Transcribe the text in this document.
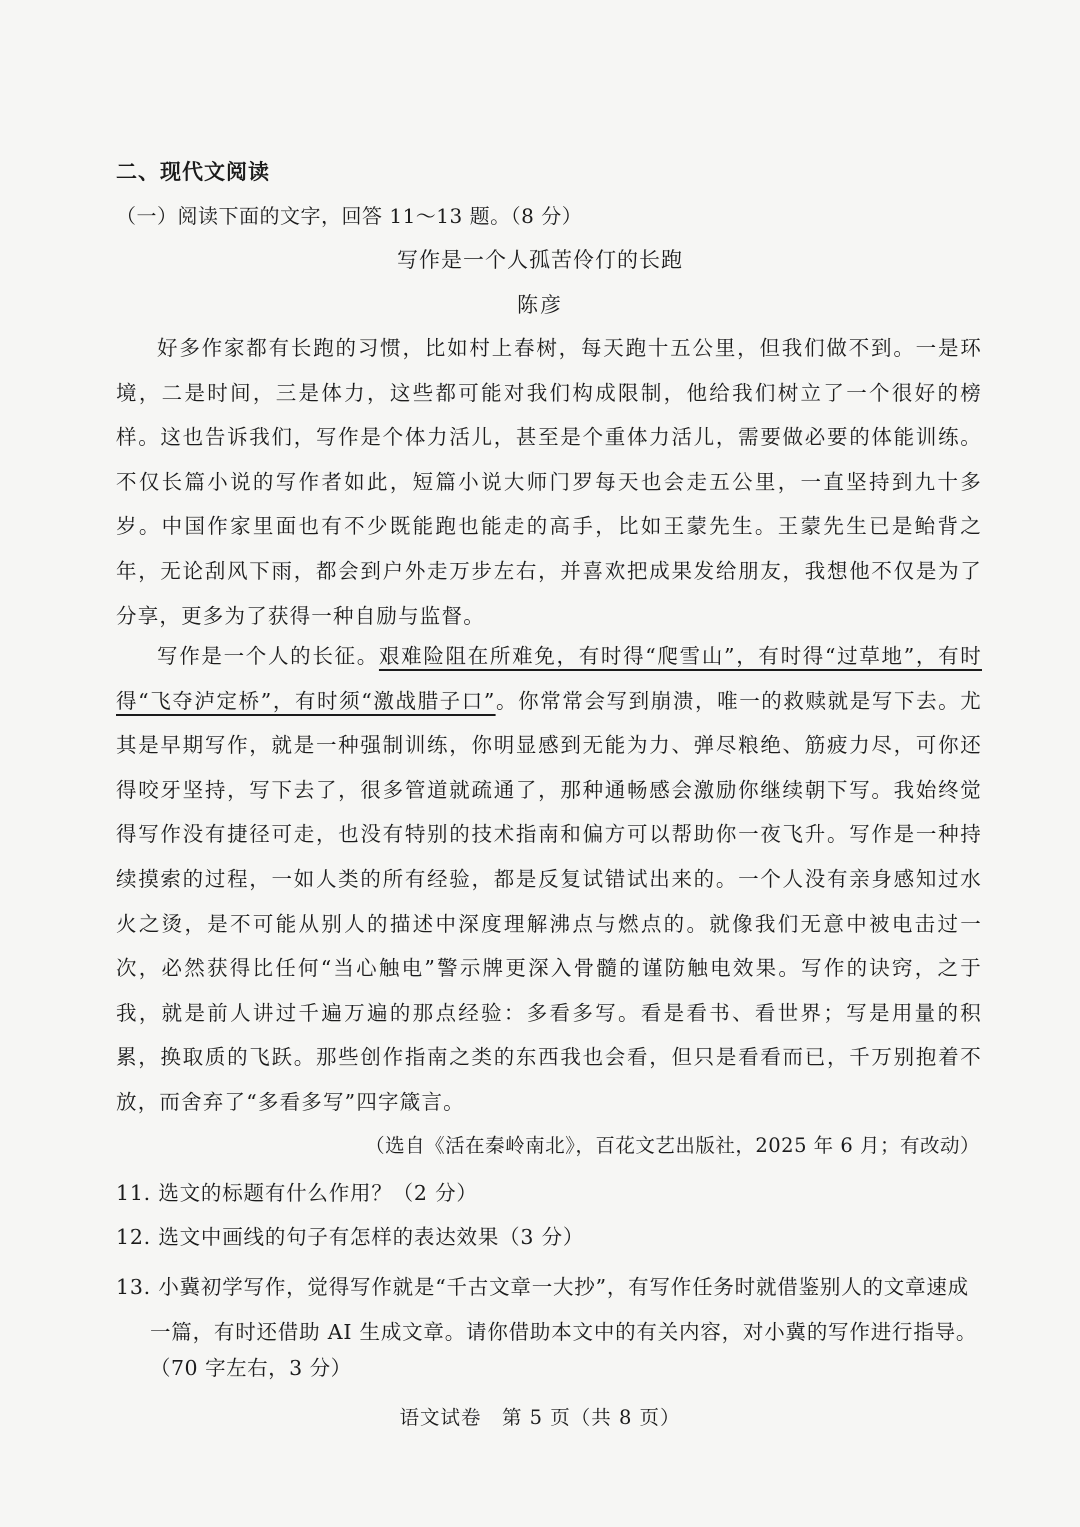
二、现代文阅读
（一）阅读下面的文字，回答 11～13 题。（8 分）
写作是一个人孤苦伶仃的长跑
陈彦

好多作家都有长跑的习惯，比如村上春树，每天跑十五公里，但我们做不到。一是环境，二是时间，三是体力，这些都可能对我们构成限制，他给我们树立了一个很好的榜样。这也告诉我们，写作是个体力活儿，甚至是个重体力活儿，需要做必要的体能训练。不仅长篇小说的写作者如此，短篇小说大师门罗每天也会走五公里，一直坚持到九十多岁。中国作家里面也有不少既能跑也能走的高手，比如王蒙先生。王蒙先生已是鲐背之年，无论刮风下雨，都会到户外走万步左右，并喜欢把成果发给朋友，我想他不仅是为了分享，更多为了获得一种自励与监督。

写作是一个人的长征。艰难险阻在所难免，有时得“爬雪山”，有时得“过草地”，有时得“飞夺泸定桥”，有时须“激战腊子口”。你常常会写到崩溃，唯一的救赎就是写下去。尤其是早期写作，就是一种强制训练，你明显感到无能为力、弹尽粮绝、筋疲力尽，可你还得咬牙坚持，写下去了，很多管道就疏通了，那种通畅感会激励你继续朝下写。我始终觉得写作没有捷径可走，也没有特别的技术指南和偏方可以帮助你一夜飞升。写作是一种持续摸索的过程，一如人类的所有经验，都是反复试错试出来的。一个人没有亲身感知过水火之烫，是不可能从别人的描述中深度理解沸点与燃点的。就像我们无意中被电击过一次，必然获得比任何“当心触电”警示牌更深入骨髓的谨防触电效果。写作的诀窍，之于我，就是前人讲过千遍万遍的那点经验：多看多写。看是看书、看世界；写是用量的积累，换取质的飞跃。那些创作指南之类的东西我也会看，但只是看看而已，千万别抱着不放，而舍弃了“多看多写”四字箴言。

（选自《活在秦岭南北》，百花文艺出版社，2025 年 6 月；有改动）

11. 选文的标题有什么作用？（2 分）

12. 选文中画线的句子有怎样的表达效果（3 分）

13. 小冀初学写作，觉得写作就是“千古文章一大抄”，有写作任务时就借鉴别人的文章速成一篇，有时还借助 AI 生成文章。请你借助本文中的有关内容，对小冀的写作进行指导。

（70 字左右，3 分）
语文试卷　第 5 页（共 8 页）
